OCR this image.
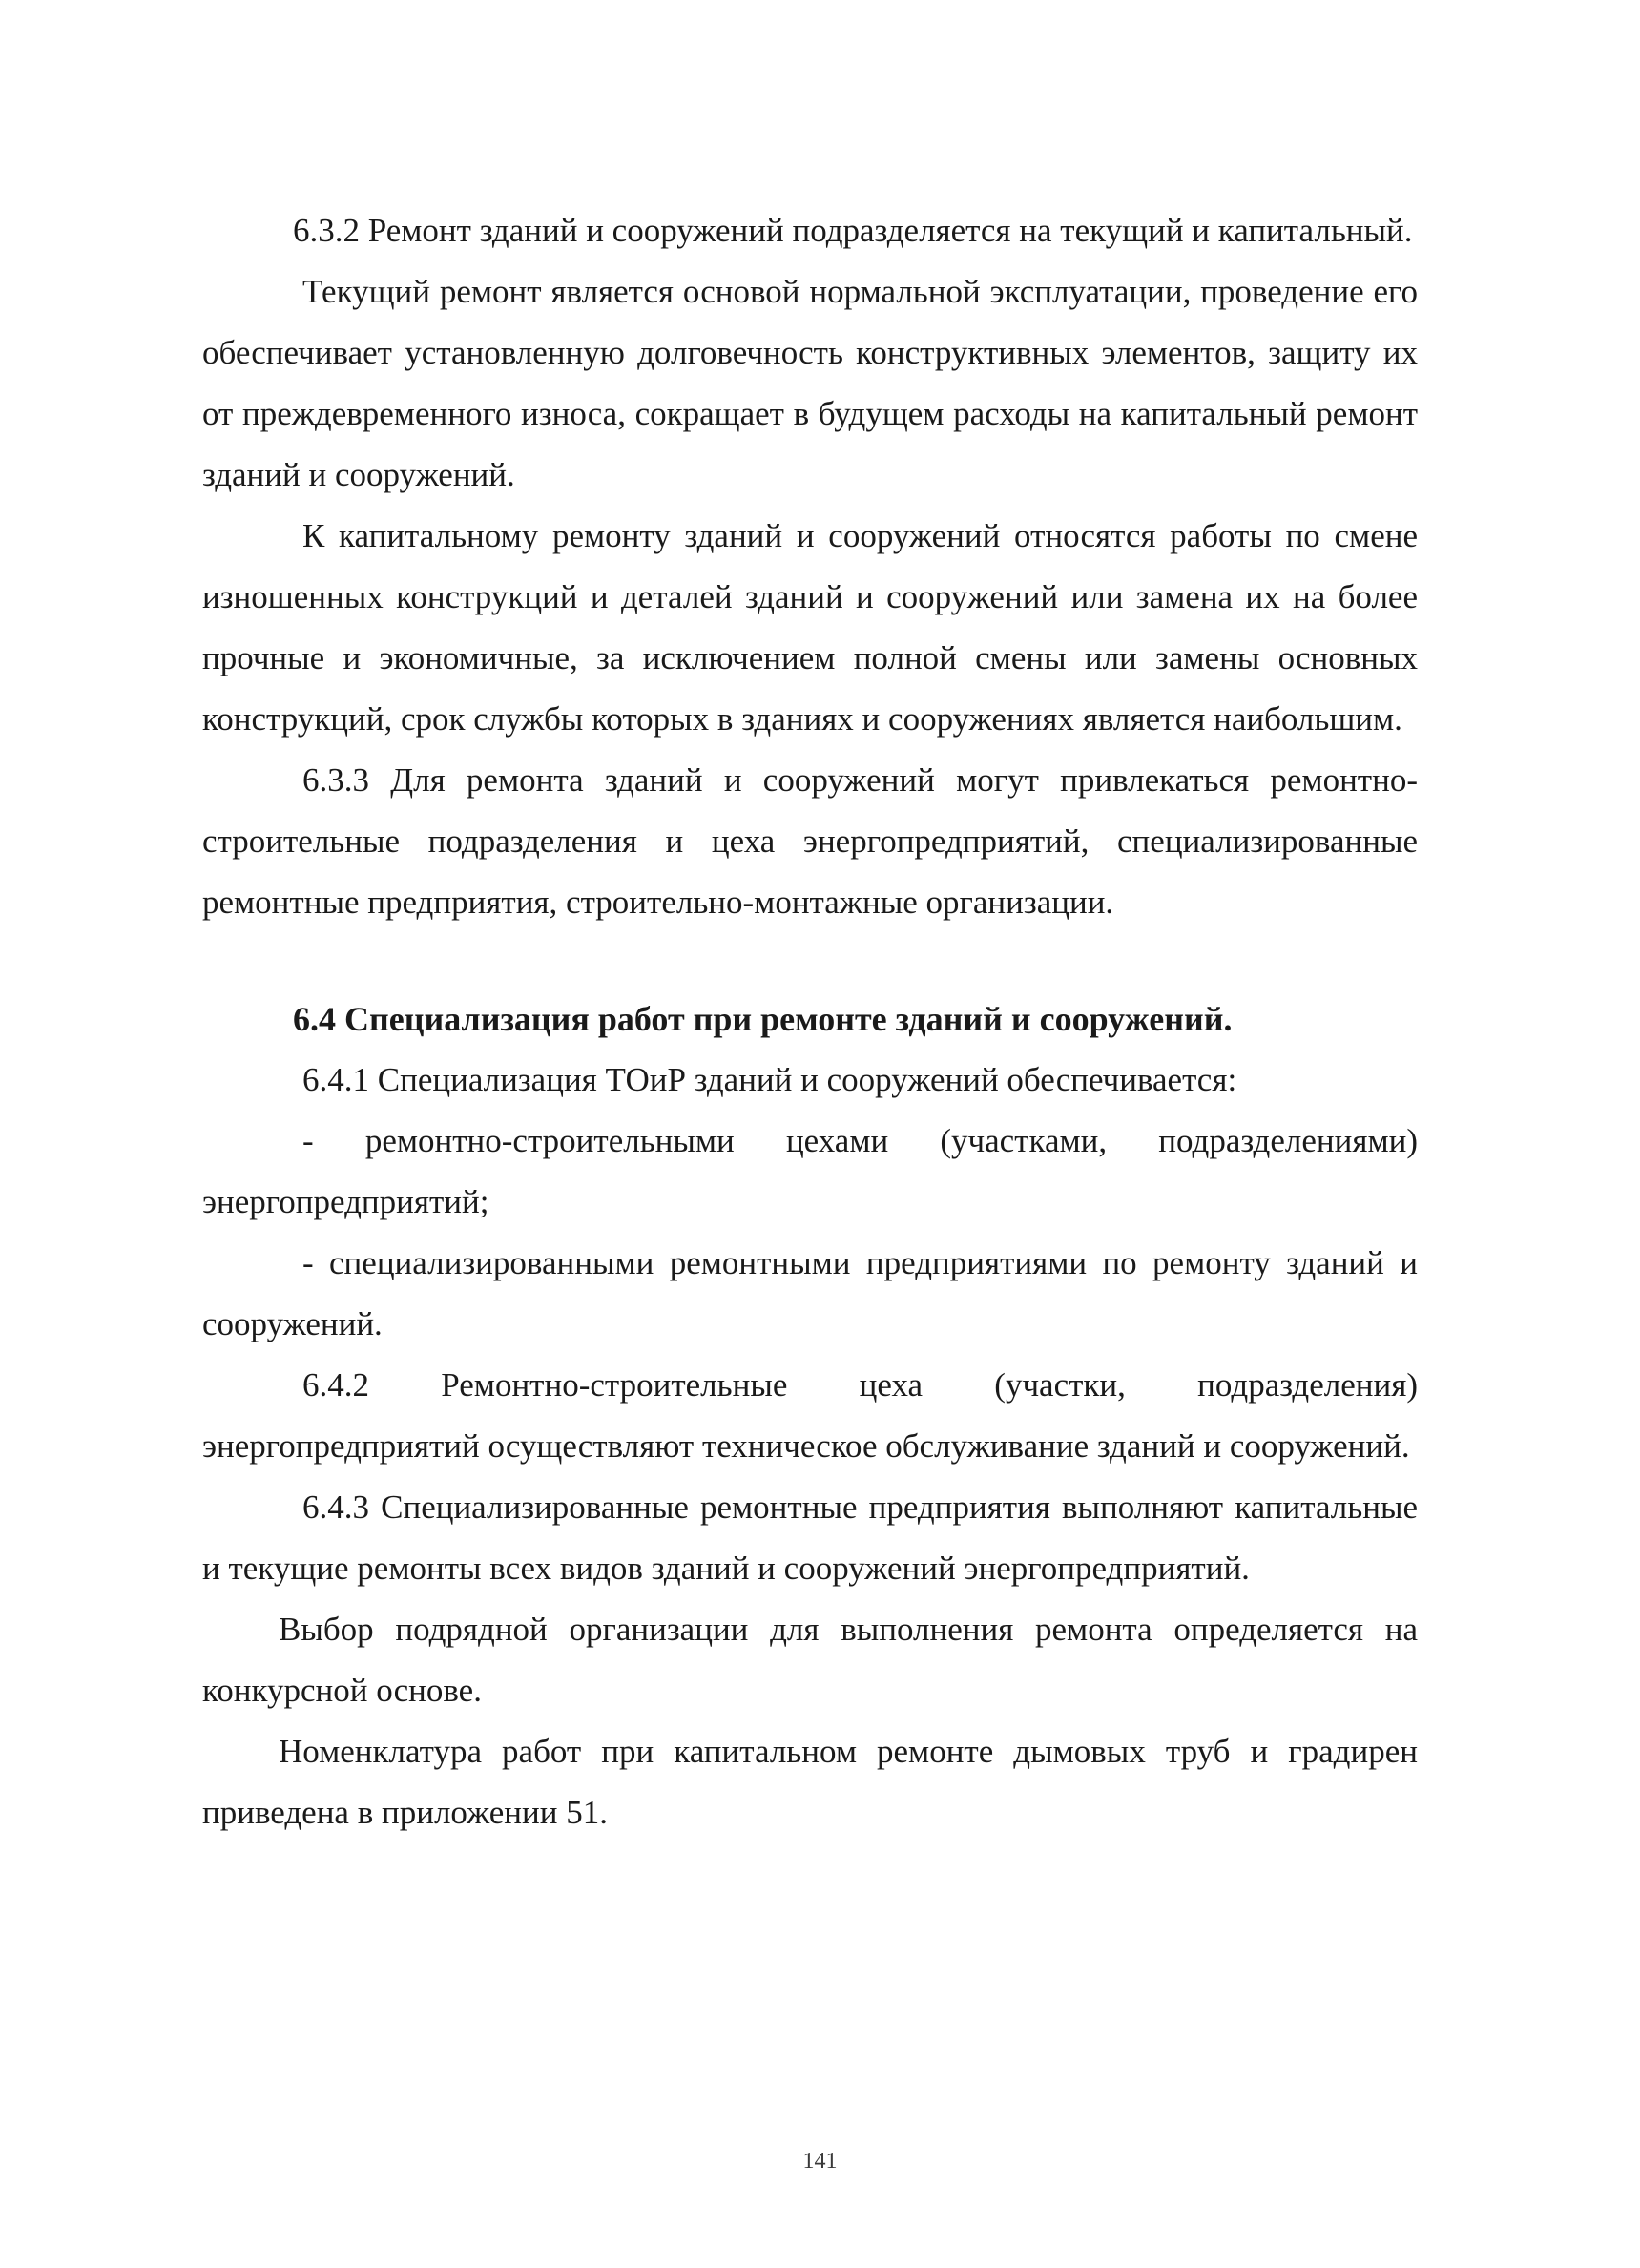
6.3.2 Ремонт зданий и сооружений подразделяется на текущий и капитальный.

Текущий ремонт является основой нормальной эксплуатации, проведение его обеспечивает установленную долговечность конструктивных элементов, защиту их от преждевременного износа, сокращает в будущем расходы на капитальный ремонт зданий и сооружений.

К капитальному ремонту зданий и сооружений относятся работы по смене изношенных конструкций и деталей зданий и сооружений или замена их на более прочные и экономичные, за исключением полной смены или замены основных конструкций, срок службы которых в зданиях и сооружениях является наибольшим.

6.3.3 Для ремонта зданий и сооружений могут привлекаться ремонтно-строительные подразделения и цеха энергопредприятий, специализированные ремонтные предприятия, строительно-монтажные организации.

6.4 Специализация работ при ремонте зданий и сооружений.

6.4.1 Специализация ТОиР зданий и сооружений обеспечивается:

- ремонтно-строительными цехами (участками, подразделениями) энергопредприятий;

- специализированными ремонтными предприятиями по ремонту зданий и сооружений.

6.4.2 Ремонтно-строительные цеха (участки, подразделения) энергопредприятий осуществляют техническое обслуживание зданий и сооружений.

6.4.3 Специализированные ремонтные предприятия выполняют капитальные и текущие ремонты всех видов зданий и сооружений энергопредприятий.

Выбор подрядной организации для выполнения ремонта определяется на конкурсной основе.

Номенклатура работ при капитальном ремонте дымовых труб и градирен приведена в приложении 51.

141
